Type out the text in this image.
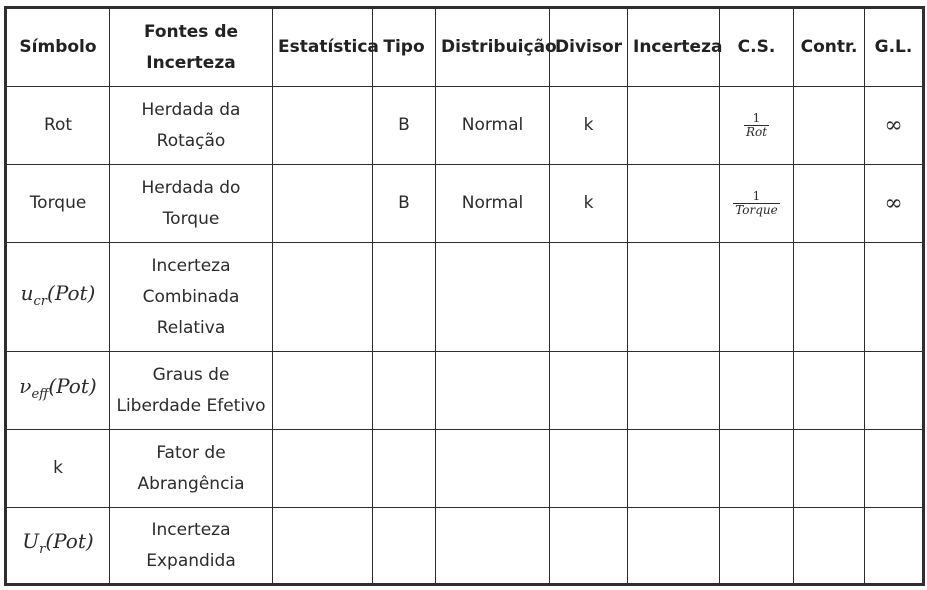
Símbolo	Fontes de Incerteza	Estatística	Tipo	Distribuição	Divisor	Incerteza	C.S.	Contr.	G.L.
Rot	Herdada da Rotação		B	Normal	k		$\frac{1}{\text{Rot}}$		∞
Torque	Herdada do Torque		B	Normal	k		$\frac{1}{\text{Torque}}$		∞
$u_{cr}(Pot)$	Incerteza Combinada Relativa								
$\nu_{eff}(Pot)$	Graus de Liberdade Efetivo								
k	Fator de Abrangência								
$U_r(Pot)$	Incerteza Expandida								
